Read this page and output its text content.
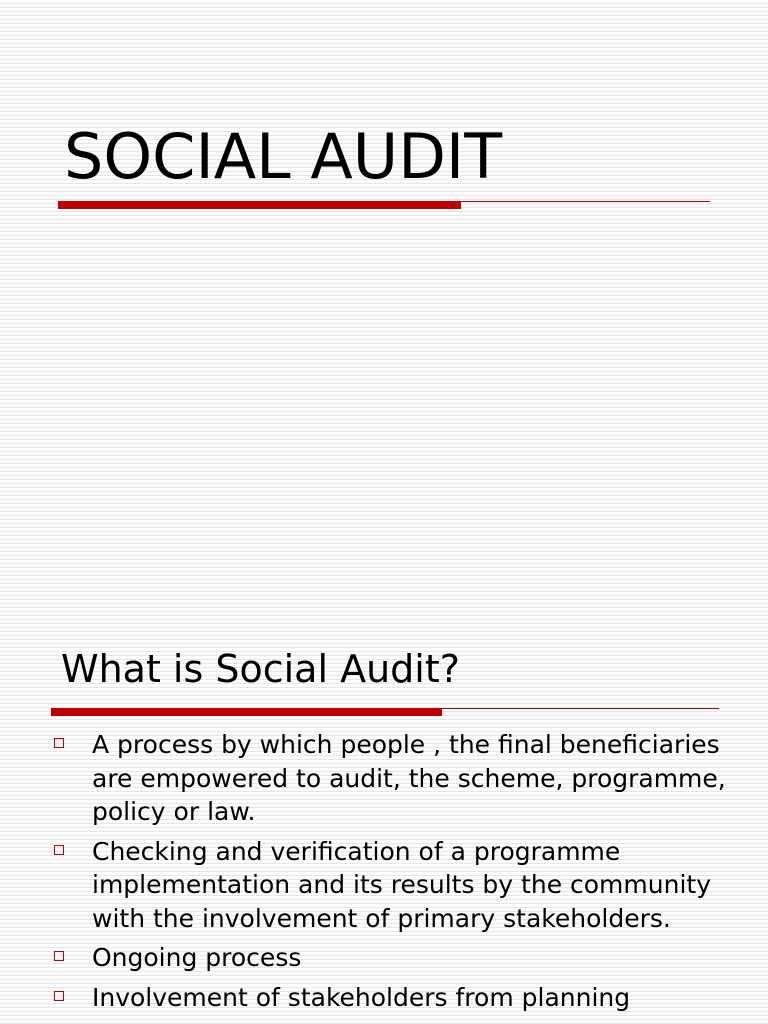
SOCIAL AUDIT
What is Social Audit?
A process by which people , the final beneficiaries are empowered to audit, the scheme, programme, policy or law.
Checking and verification of a programme implementation and its results by the community with the involvement of primary stakeholders.
Ongoing process
Involvement of stakeholders from planning
